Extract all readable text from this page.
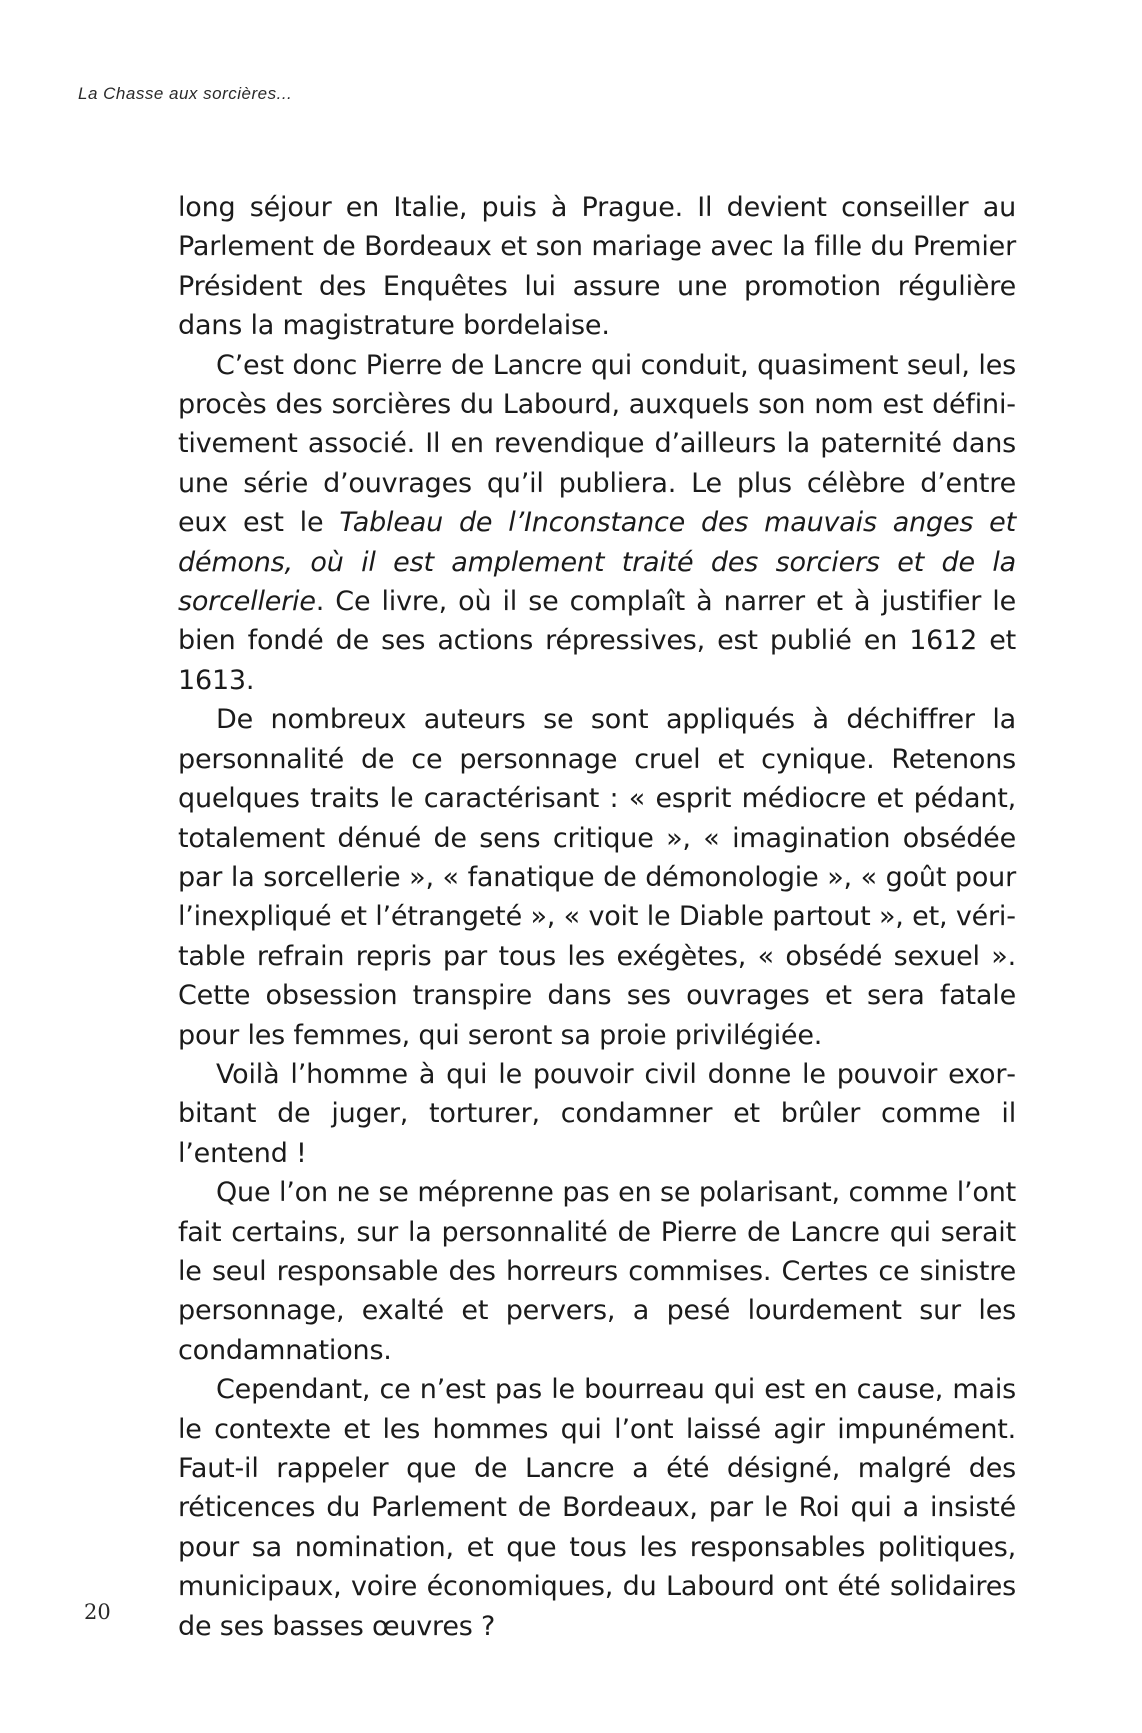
La Chasse aux sorcières...

long séjour en Italie, puis à Prague. Il devient conseiller au Parlement de Bordeaux et son mariage avec la fille du Premier Président des Enquêtes lui assure une promotion régulière dans la magistrature bordelaise.

C’est donc Pierre de Lancre qui conduit, quasiment seul, les procès des sorcières du Labourd, auxquels son nom est définitivement associé. Il en revendique d’ailleurs la paternité dans une série d’ouvrages qu’il publiera. Le plus célèbre d’entre eux est le Tableau de l’Inconstance des mauvais anges et démons, où il est amplement traité des sorciers et de la sorcellerie. Ce livre, où il se complaît à narrer et à justifier le bien fondé de ses actions répressives, est publié en 1612 et 1613.

De nombreux auteurs se sont appliqués à déchiffrer la personnalité de ce personnage cruel et cynique. Retenons quelques traits le caractérisant : « esprit médiocre et pédant, totalement dénué de sens critique », « imagination obsédée par la sorcellerie », « fanatique de démonologie », « goût pour l’inexpliqué et l’étrangeté », « voit le Diable partout », et, véritable refrain repris par tous les exégètes, « obsédé sexuel ». Cette obsession transpire dans ses ouvrages et sera fatale pour les femmes, qui seront sa proie privilégiée.

Voilà l’homme à qui le pouvoir civil donne le pouvoir exorbitant de juger, torturer, condamner et brûler comme il l’entend !

Que l’on ne se méprenne pas en se polarisant, comme l’ont fait certains, sur la personnalité de Pierre de Lancre qui serait le seul responsable des horreurs commises. Certes ce sinistre personnage, exalté et pervers, a pesé lourdement sur les condamnations.

Cependant, ce n’est pas le bourreau qui est en cause, mais le contexte et les hommes qui l’ont laissé agir impunément. Faut-il rappeler que de Lancre a été désigné, malgré des réticences du Parlement de Bordeaux, par le Roi qui a insisté pour sa nomination, et que tous les responsables politiques, municipaux, voire économiques, du Labourd ont été solidaires de ses basses œuvres ?

20
